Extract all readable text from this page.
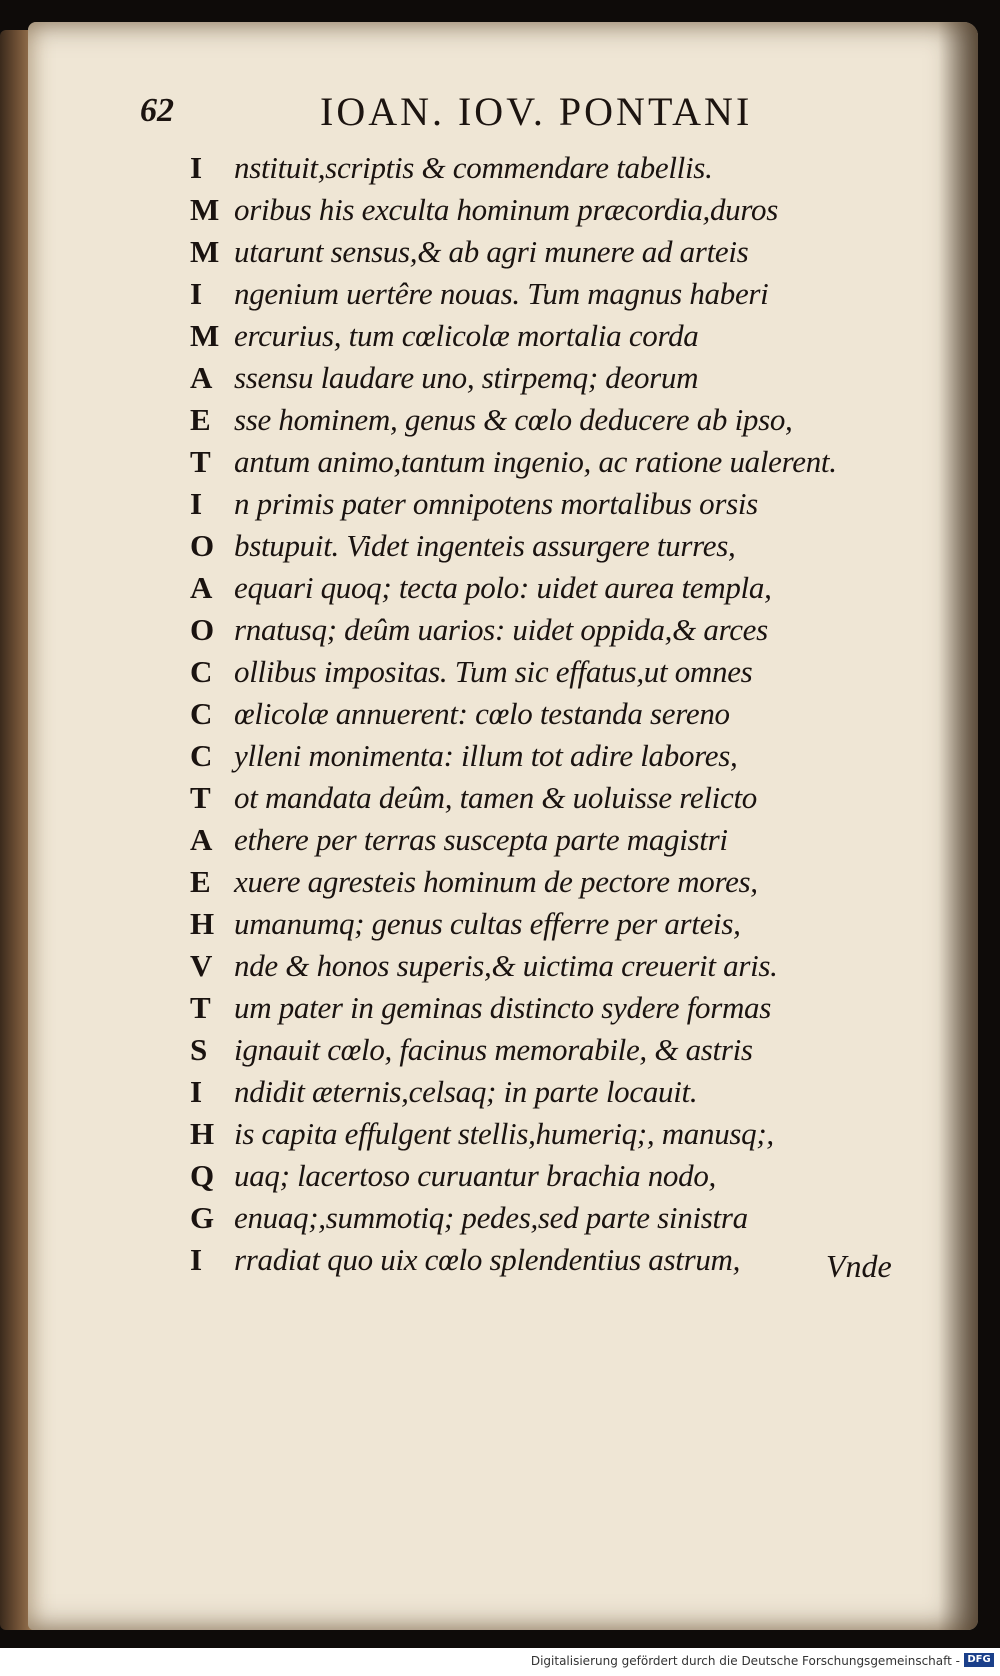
62	IOAN. IOV. PONTANI
I	nstituit,scriptis & commendare tabellis.
M oribus his exculta hominum præcordia,duros
M utarunt sensus,& ab agri munere ad arteis
I	ngenium uertêre nouas. Tum magnus haberi
M ercurius, tum cœlicolæ mortalia corda
A ssensu laudare uno, stirpemq; deorum
E sse hominem, genus & cœlo deducere ab ipso,
T antum animo,tantum ingenio, ac ratione ualerent.
I	n primis pater omnipotens mortalibus orsis
O bstupuit. Videt ingenteis assurgere turres,
A equari quoq; tecta polo: uidet aurea templa,
O rnatusq; deûm uarios: uidet oppida,& arces
C ollibus impositas. Tum sic effatus,ut omnes
C œlicolæ annuerent: cœlo testanda sereno
C ylleni monimenta: illum tot adire labores,
T ot mandata deûm, tamen & uoluisse relicto
A ethere per terras suscepta parte magistri
E xuere agresteis hominum de pectore mores,
H umanumq; genus cultas efferre per arteis,
V nde & honos superis,& uictima creuerit aris.
T um pater in geminas distincto sydere formas
S ignauit cœlo, facinus memorabile, & astris
I	ndidit æternis,celsaq; in parte locauit.
H is capita effulgent stellis,humeriq;, manusq;,
Q uaq; lacertoso curuantur brachia nodo,
G enuaq;,summotiq; pedes,sed parte sinistra
I	rradiat quo uix cœlo splendentius astrum,	Vnde
Digitalisierung gefördert durch die Deutsche Forschungsgemeinschaft - DFG
